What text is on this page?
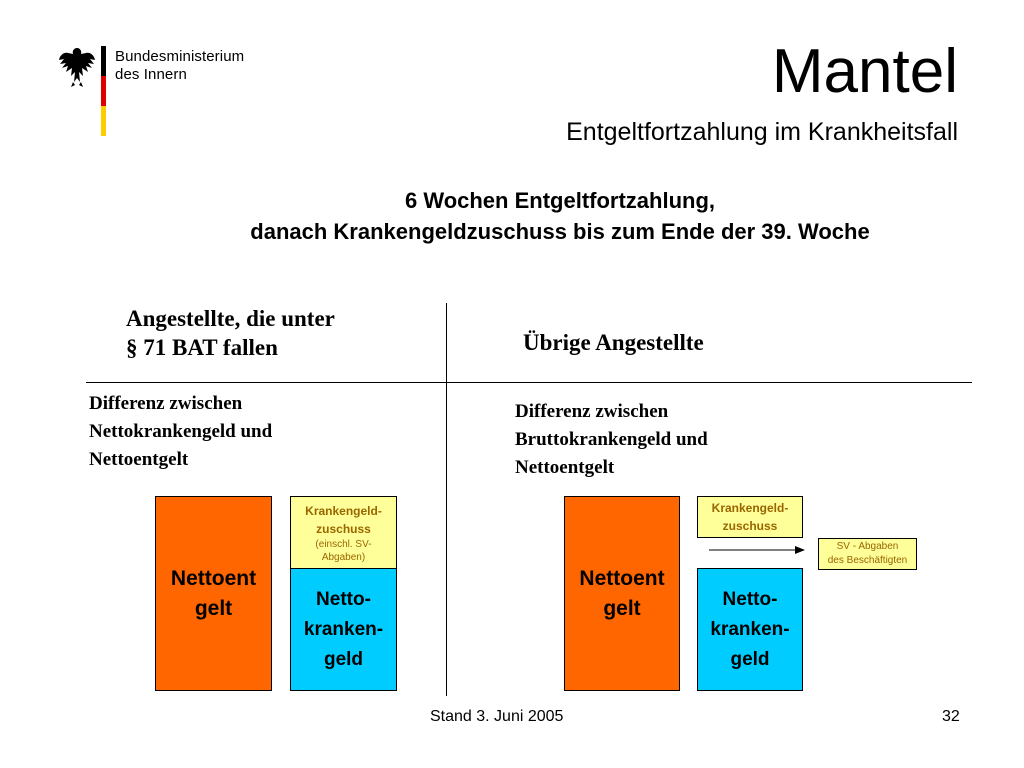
Bundesministerium
des Innern	Mantel
Entgeltfortzahlung im Krankheitsfall
6 Wochen Entgeltfortzahlung,
danach Krankengeldzuschuss bis zum Ende der 39. Woche
Angestellte, die unter
§ 71 BAT fallen
Differenz zwischen
Nettokrankengeld und
Nettoentgelt
Nettoent
gelt
Krankengeld-
zuschuss
(einschl. SV-
Abgaben)
Netto-
kranken-
geld
Übrige Angestellte
Differenz zwischen
Bruttokrankengeld und
Nettoentgelt
Nettoent
gelt
Krankengeld-
zuschuss
SV - Abgaben
des Beschäftigten
Netto-
kranken-
geld
Stand 3. Juni 2005	32
